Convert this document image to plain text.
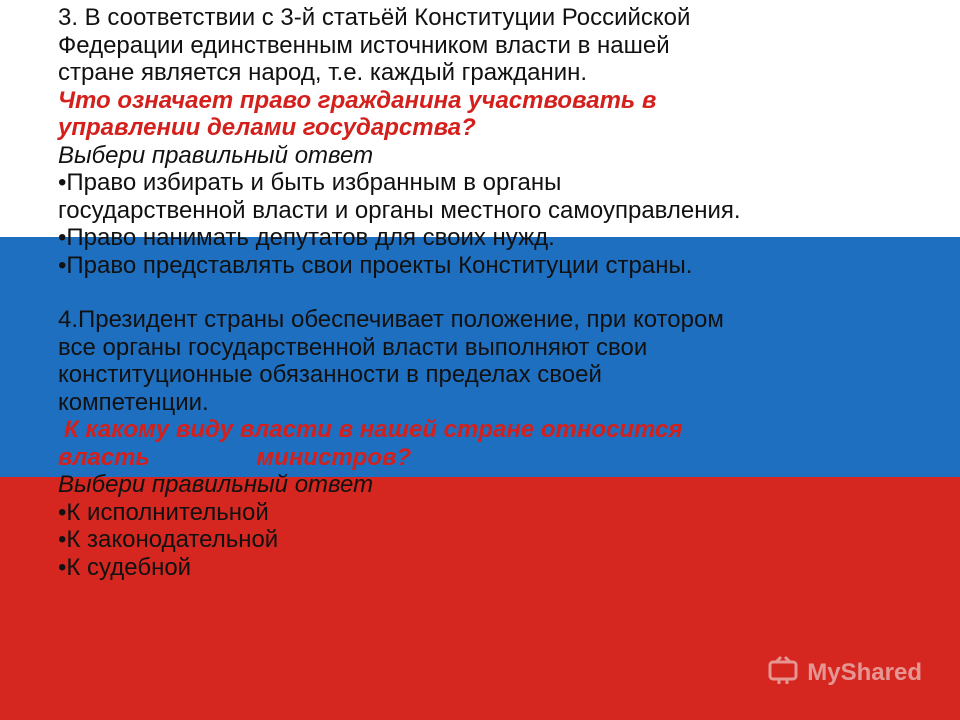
3. В соответствии с 3-й статьёй Конституции Российской

Федерации единственным источником власти в нашей

стране является народ, т.е. каждый гражданин.

Что означает право гражданина участвовать в

управлении делами государства?

Выбери правильный ответ

•Право избирать и быть избранным в органы

государственной власти и органы местного самоуправления.

•Право нанимать депутатов для своих нужд.

•Право представлять свои проекты Конституции страны.

4.Президент страны обеспечивает положение, при котором

все органы государственной власти выполняют свои

конституционные обязанности в пределах своей

компетенции.

К какому виду власти в нашей стране относится

власть                министров?

Выбери правильный ответ

•К исполнительной

•К законодательной

•К судебной

MyShared
